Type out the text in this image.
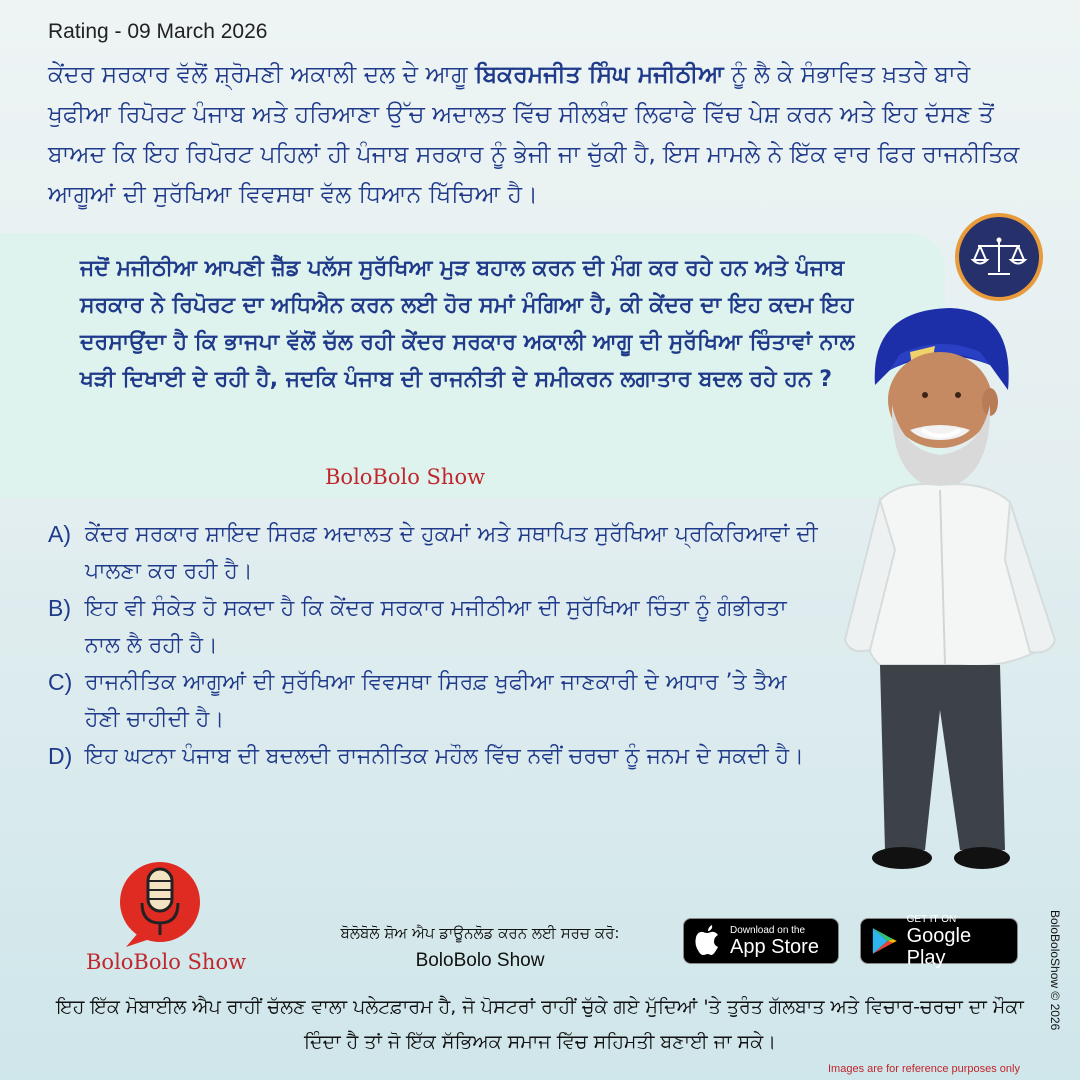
Rating - 09 March 2026

ਕੇਂਦਰ ਸਰਕਾਰ ਵੱਲੋਂ ਸ਼੍ਰੋਮਣੀ ਅਕਾਲੀ ਦਲ ਦੇ ਆਗੂ ਬਿਕਰਮਜੀਤ ਸਿੰਘ ਮਜੀਠੀਆ ਨੂੰ ਲੈ ਕੇ ਸੰਭਾਵਿਤ ਖ਼ਤਰੇ ਬਾਰੇ ਖੁਫੀਆ ਰਿਪੋਰਟ ਪੰਜਾਬ ਅਤੇ ਹਰਿਆਣਾ ਉੱਚ ਅਦਾਲਤ ਵਿੱਚ ਸੀਲਬੰਦ ਲਿਫਾਫੇ ਵਿੱਚ ਪੇਸ਼ ਕਰਨ ਅਤੇ ਇਹ ਦੱਸਣ ਤੋਂ ਬਾਅਦ ਕਿ ਇਹ ਰਿਪੋਰਟ ਪਹਿਲਾਂ ਹੀ ਪੰਜਾਬ ਸਰਕਾਰ ਨੂੰ ਭੇਜੀ ਜਾ ਚੁੱਕੀ ਹੈ, ਇਸ ਮਾਮਲੇ ਨੇ ਇੱਕ ਵਾਰ ਫਿਰ ਰਾਜਨੀਤਿਕ ਆਗੂਆਂ ਦੀ ਸੁਰੱਖਿਆ ਵਿਵਸਥਾ ਵੱਲ ਧਿਆਨ ਖਿੱਚਿਆ ਹੈ।

ਜਦੋਂ ਮਜੀਠੀਆ ਆਪਣੀ ਜ਼ੈੱਡ ਪਲੱਸ ਸੁਰੱਖਿਆ ਮੁੜ ਬਹਾਲ ਕਰਨ ਦੀ ਮੰਗ ਕਰ ਰਹੇ ਹਨ ਅਤੇ ਪੰਜਾਬ ਸਰਕਾਰ ਨੇ ਰਿਪੋਰਟ ਦਾ ਅਧਿਐਨ ਕਰਨ ਲਈ ਹੋਰ ਸਮਾਂ ਮੰਗਿਆ ਹੈ, ਕੀ ਕੇਂਦਰ ਦਾ ਇਹ ਕਦਮ ਇਹ ਦਰਸਾਉਂਦਾ ਹੈ ਕਿ ਭਾਜਪਾ ਵੱਲੋਂ ਚੱਲ ਰਹੀ ਕੇਂਦਰ ਸਰਕਾਰ ਅਕਾਲੀ ਆਗੂ ਦੀ ਸੁਰੱਖਿਆ ਚਿੰਤਾਵਾਂ ਨਾਲ ਖੜੀ ਦਿਖਾਈ ਦੇ ਰਹੀ ਹੈ, ਜਦਕਿ ਪੰਜਾਬ ਦੀ ਰਾਜਨੀਤੀ ਦੇ ਸਮੀਕਰਨ ਲਗਾਤਾਰ ਬਦਲ ਰਹੇ ਹਨ ?

BoloBolo Show
A) ਕੇਂਦਰ ਸਰਕਾਰ ਸ਼ਾਇਦ ਸਿਰਫ਼ ਅਦਾਲਤ ਦੇ ਹੁਕਮਾਂ ਅਤੇ ਸਥਾਪਿਤ ਸੁਰੱਖਿਆ ਪ੍ਰਕਿਰਿਆਵਾਂ ਦੀ ਪਾਲਣਾ ਕਰ ਰਹੀ ਹੈ।
B) ਇਹ ਵੀ ਸੰਕੇਤ ਹੋ ਸਕਦਾ ਹੈ ਕਿ ਕੇਂਦਰ ਸਰਕਾਰ ਮਜੀਠੀਆ ਦੀ ਸੁਰੱਖਿਆ ਚਿੰਤਾ ਨੂੰ ਗੰਭੀਰਤਾ ਨਾਲ ਲੈ ਰਹੀ ਹੈ।
C) ਰਾਜਨੀਤਿਕ ਆਗੂਆਂ ਦੀ ਸੁਰੱਖਿਆ ਵਿਵਸਥਾ ਸਿਰਫ਼ ਖੁਫੀਆ ਜਾਣਕਾਰੀ ਦੇ ਅਧਾਰ ’ਤੇ ਤੈਅ ਹੋਣੀ ਚਾਹੀਦੀ ਹੈ।
D) ਇਹ ਘਟਨਾ ਪੰਜਾਬ ਦੀ ਬਦਲਦੀ ਰਾਜਨੀਤਿਕ ਮਹੌਲ ਵਿੱਚ ਨਵੀਂ ਚਰਚਾ ਨੂੰ ਜਨਮ ਦੇ ਸਕਦੀ ਹੈ।
BoloBolo Show
ਬੋਲੋਬੋਲੋ ਸ਼ੋਅ ਐਪ ਡਾਊਨਲੋਡ ਕਰਨ ਲਈ ਸਰਚ ਕਰੋ:
BoloBolo Show
Download on the
App Store
GET IT ON
Google Play

ਇਹ ਇੱਕ ਮੋਬਾਈਲ ਐਪ ਰਾਹੀਂ ਚੱਲਣ ਵਾਲਾ ਪਲੇਟਫ਼ਾਰਮ ਹੈ, ਜੋ ਪੋਸਟਰਾਂ ਰਾਹੀਂ ਚੁੱਕੇ ਗਏ ਮੁੱਦਿਆਂ 'ਤੇ ਤੁਰੰਤ ਗੱਲਬਾਤ ਅਤੇ ਵਿਚਾਰ-ਚਰਚਾ ਦਾ ਮੌਕਾ ਦਿੰਦਾ ਹੈ ਤਾਂ ਜੋ ਇੱਕ ਸੱਭਿਅਕ ਸਮਾਜ ਵਿੱਚ ਸਹਿਮਤੀ ਬਣਾਈ ਜਾ ਸਕੇ।

BoloBoloShow © 2026
Images are for reference purposes only
